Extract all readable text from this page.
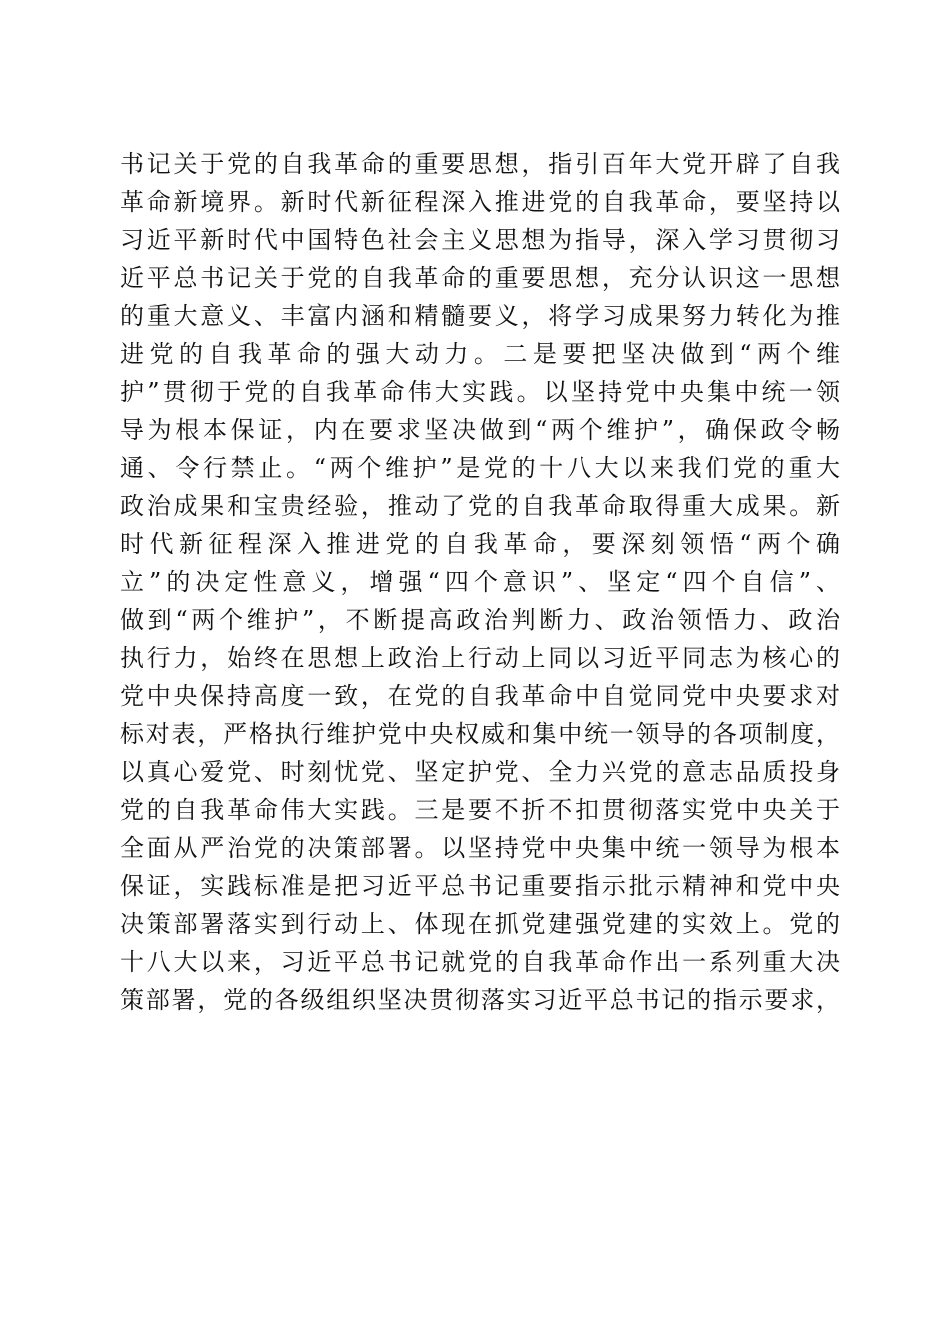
书记关于党的自我革命的重要思想，指引百年大党开辟了自我
革命新境界。新时代新征程深入推进党的自我革命，要坚持以
习近平新时代中国特色社会主义思想为指导，深入学习贯彻习
近平总书记关于党的自我革命的重要思想，充分认识这一思想
的重大意义、丰富内涵和精髓要义，将学习成果努力转化为推
进党的自我革命的强大动力。二是要把坚决做到“两个维
护”贯彻于党的自我革命伟大实践。以坚持党中央集中统一领
导为根本保证，内在要求坚决做到“两个维护”，确保政令畅
通、令行禁止。“两个维护”是党的十八大以来我们党的重大
政治成果和宝贵经验，推动了党的自我革命取得重大成果。新
时代新征程深入推进党的自我革命，要深刻领悟“两个确
立”的决定性意义，增强“四个意识”、坚定“四个自信”、
做到“两个维护”，不断提高政治判断力、政治领悟力、政治
执行力，始终在思想上政治上行动上同以习近平同志为核心的
党中央保持高度一致，在党的自我革命中自觉同党中央要求对
标对表，严格执行维护党中央权威和集中统一领导的各项制度，
以真心爱党、时刻忧党、坚定护党、全力兴党的意志品质投身
党的自我革命伟大实践。三是要不折不扣贯彻落实党中央关于
全面从严治党的决策部署。以坚持党中央集中统一领导为根本
保证，实践标准是把习近平总书记重要指示批示精神和党中央
决策部署落实到行动上、体现在抓党建强党建的实效上。党的
十八大以来，习近平总书记就党的自我革命作出一系列重大决
策部署，党的各级组织坚决贯彻落实习近平总书记的指示要求，
